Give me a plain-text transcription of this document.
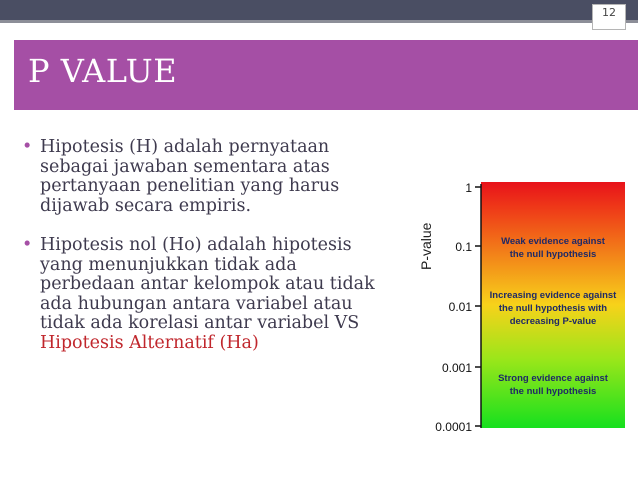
12
P VALUE
• Hipotesis (H) adalah pernyataan sebagai jawaban sementara atas pertanyaan penelitian yang harus dijawab secara empiris.
• Hipotesis nol (Ho) adalah hipotesis yang menunjukkan tidak ada perbedaan antar kelompok atau tidak ada hubungan antara variabel atau tidak ada korelasi antar variabel VS Hipotesis Alternatif (Ha)
P-value
1
0.1
0.01
0.001
0.0001
Weak evidence against
the null hypothesis
Increasing evidence against
the null hypothesis with
decreasing P-value
Strong evidence against
the null hypothesis
